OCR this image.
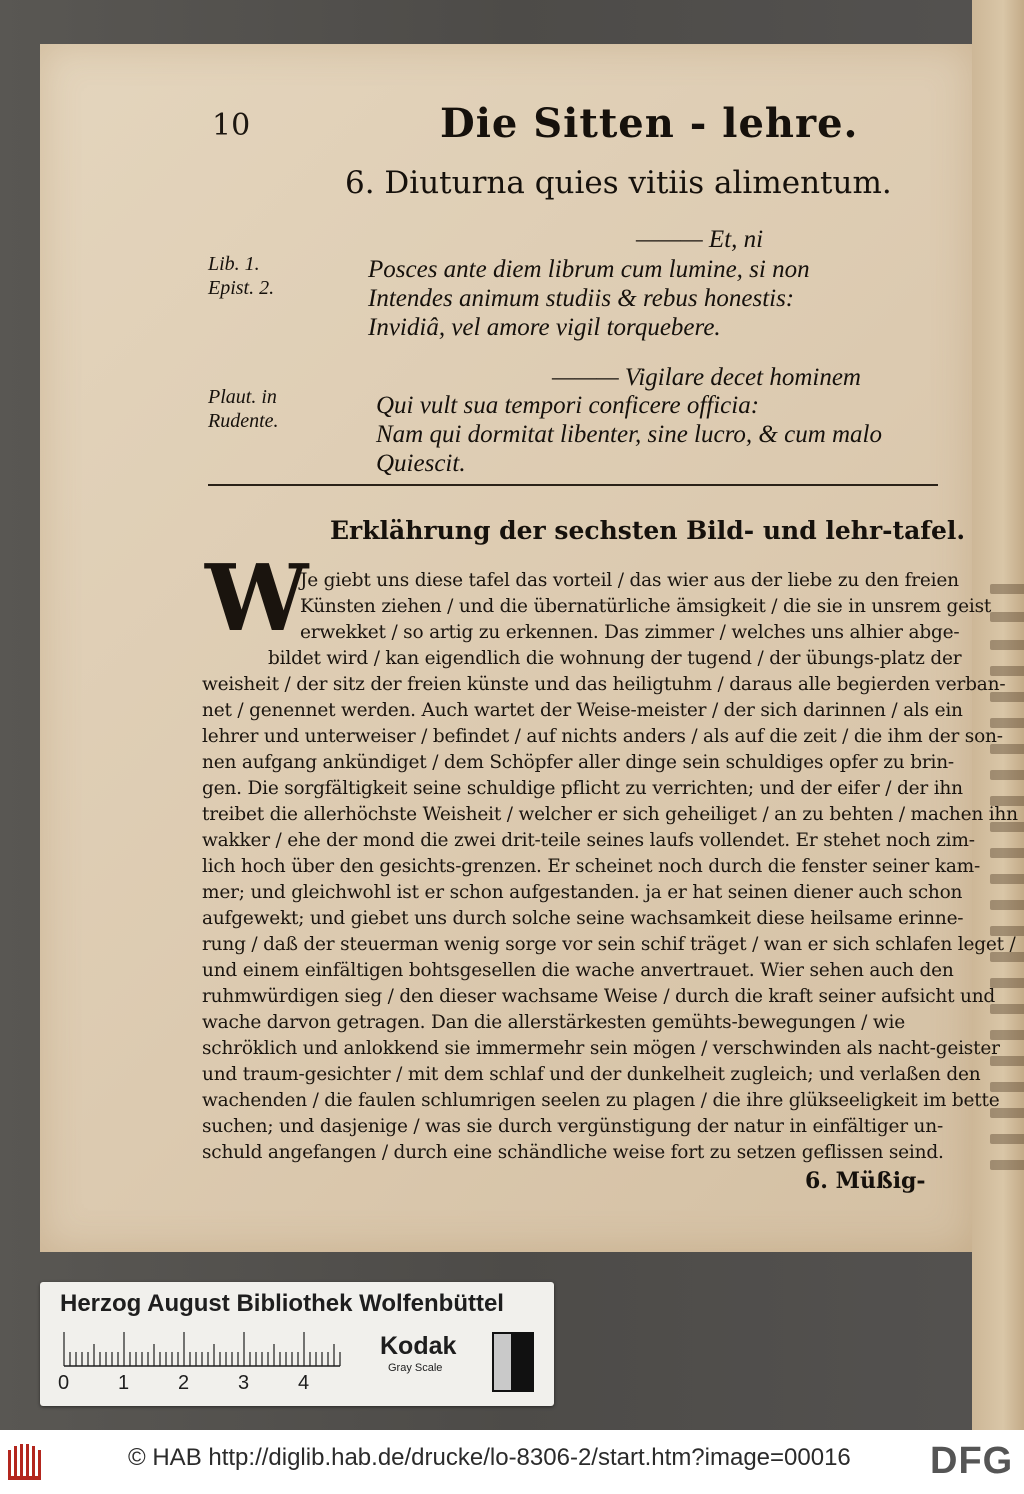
10	Die Sitten - lehre.
6. Diuturna quies vitiis alimentum.
Lib. 1.
Epist. 2.
——— Et, ni
Posces ante diem librum cum lumine, si non
Intendes animum studiis & rebus honestis:
Invidiâ, vel amore vigil torquebere.
Plaut. in
Rudente.
——— Vigilare decet hominem
Qui vult sua tempori conficere officia:
Nam qui dormitat libenter, sine lucro, & cum malo
Quiescit.
Erklährung der sechsten Bild- und lehr-tafel.
W
Je giebt uns diese tafel das vorteil / das wier aus der liebe zu den freien
Künsten ziehen / und die übernatürliche ämsigkeit / die sie in unsrem geist
erwekket / so artig zu erkennen. Das zimmer / welches uns alhier abge-
bildet wird / kan eigendlich die wohnung der tugend / der übungs-platz der
weisheit / der sitz der freien künste und das heiligtuhm / daraus alle begierden verban-
net / genennet werden. Auch wartet der Weise-meister / der sich darinnen / als ein
lehrer und unterweiser / befindet / auf nichts anders / als auf die zeit / die ihm der son-
nen aufgang ankündiget / dem Schöpfer aller dinge sein schuldiges opfer zu brin-
gen. Die sorgfältigkeit seine schuldige pflicht zu verrichten; und der eifer / der ihn
treibet die allerhöchste Weisheit / welcher er sich geheiliget / an zu behten / machen ihn
wakker / ehe der mond die zwei drit-teile seines laufs vollendet. Er stehet noch zim-
lich hoch über den gesichts-grenzen. Er scheinet noch durch die fenster seiner kam-
mer; und gleichwohl ist er schon aufgestanden. ja er hat seinen diener auch schon
aufgewekt; und giebet uns durch solche seine wachsamkeit diese heilsame erinne-
rung / daß der steuerman wenig sorge vor sein schif träget / wan er sich schlafen leget /
und einem einfältigen bohtsgesellen die wache anvertrauet. Wier sehen auch den
ruhmwürdigen sieg / den dieser wachsame Weise / durch die kraft seiner aufsicht und
wache darvon getragen. Dan die allerstärkesten gemühts-bewegungen / wie
schröklich und anlokkend sie immermehr sein mögen / verschwinden als nacht-geister
und traum-gesichter / mit dem schlaf und der dunkelheit zugleich; und verlaßen den
wachenden / die faulen schlumrigen seelen zu plagen / die ihre glükseeligkeit im bette
suchen; und dasjenige / was sie durch vergünstigung der natur in einfältiger un-
schuld angefangen / durch eine schändliche weise fort zu setzen geflissen seind.
6. Müßig-
Herzog August Bibliothek Wolfenbüttel
0 1 2 3 4
Kodak
Gray Scale
© HAB http://diglib.hab.de/drucke/lo-8306-2/start.htm?image=00016 DFG
